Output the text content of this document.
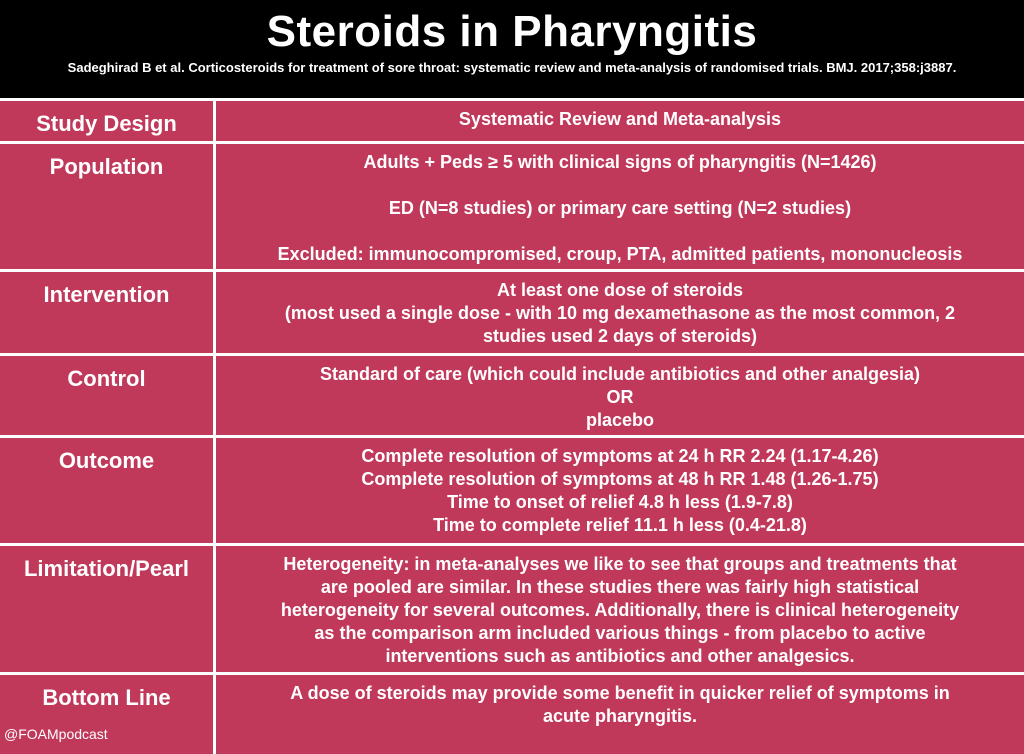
Steroids in Pharyngitis
Sadeghirad B et al. Corticosteroids for treatment of sore throat: systematic review and meta-analysis of randomised trials. BMJ. 2017;358:j3887.
Study Design	Systematic Review and Meta-analysis
Population	Adults + Peds ≥ 5 with clinical signs of pharyngitis (N=1426)
ED (N=8 studies) or primary care setting (N=2 studies)
Excluded: immunocompromised, croup, PTA, admitted patients, mononucleosis
Intervention	At least one dose of steroids
(most used a single dose - with 10 mg dexamethasone as the most common, 2
studies used 2 days of steroids)
Control	Standard of care (which could include antibiotics and other analgesia)
OR
placebo
Outcome	Complete resolution of symptoms at 24 h RR 2.24 (1.17-4.26)
Complete resolution of symptoms at 48 h RR 1.48 (1.26-1.75)
Time to onset of relief 4.8 h less (1.9-7.8)
Time to complete relief 11.1 h less (0.4-21.8)
Limitation/Pearl	Heterogeneity: in meta-analyses we like to see that groups and treatments that
are pooled are similar. In these studies there was fairly high statistical
heterogeneity for several outcomes. Additionally, there is clinical heterogeneity
as the comparison arm included various things - from placebo to active
interventions such as antibiotics and other analgesics.
Bottom Line	A dose of steroids may provide some benefit in quicker relief of symptoms in
acute pharyngitis.
@FOAMpodcast
